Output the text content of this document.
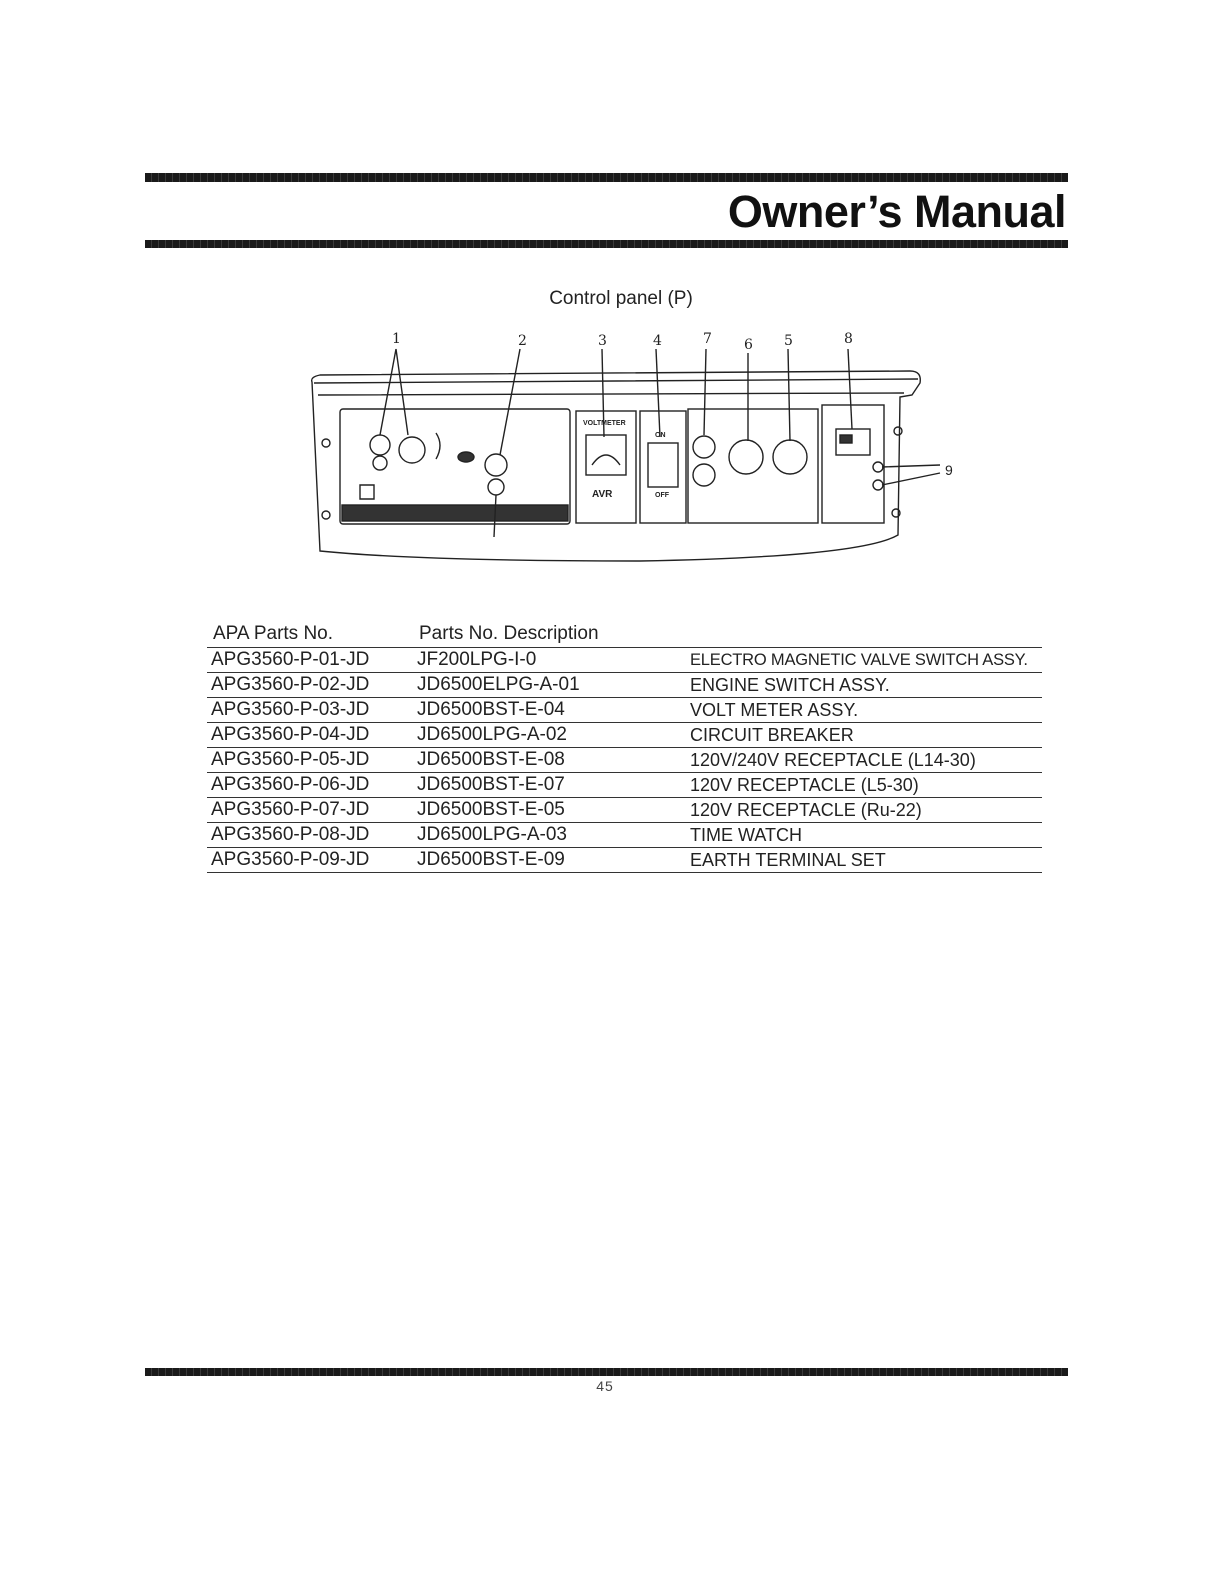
Owner’s Manual
Control panel (P)
1	2	3	4	7 6 5	8
9
VOLTMETER
ON
OFF
AVR
APA Parts No.	Parts No. Description	
APG3560-P-01-JD	JF200LPG-I-0	ELECTRO MAGNETIC VALVE SWITCH ASSY.
APG3560-P-02-JD	JD6500ELPG-A-01	ENGINE SWITCH ASSY.
APG3560-P-03-JD	JD6500BST-E-04	VOLT METER ASSY.
APG3560-P-04-JD	JD6500LPG-A-02	CIRCUIT BREAKER
APG3560-P-05-JD	JD6500BST-E-08	120V/240V RECEPTACLE (L14-30)
APG3560-P-06-JD	JD6500BST-E-07	120V RECEPTACLE (L5-30)
APG3560-P-07-JD	JD6500BST-E-05	120V RECEPTACLE (Ru-22)
APG3560-P-08-JD	JD6500LPG-A-03	TIME WATCH
APG3560-P-09-JD	JD6500BST-E-09	EARTH TERMINAL SET
45
